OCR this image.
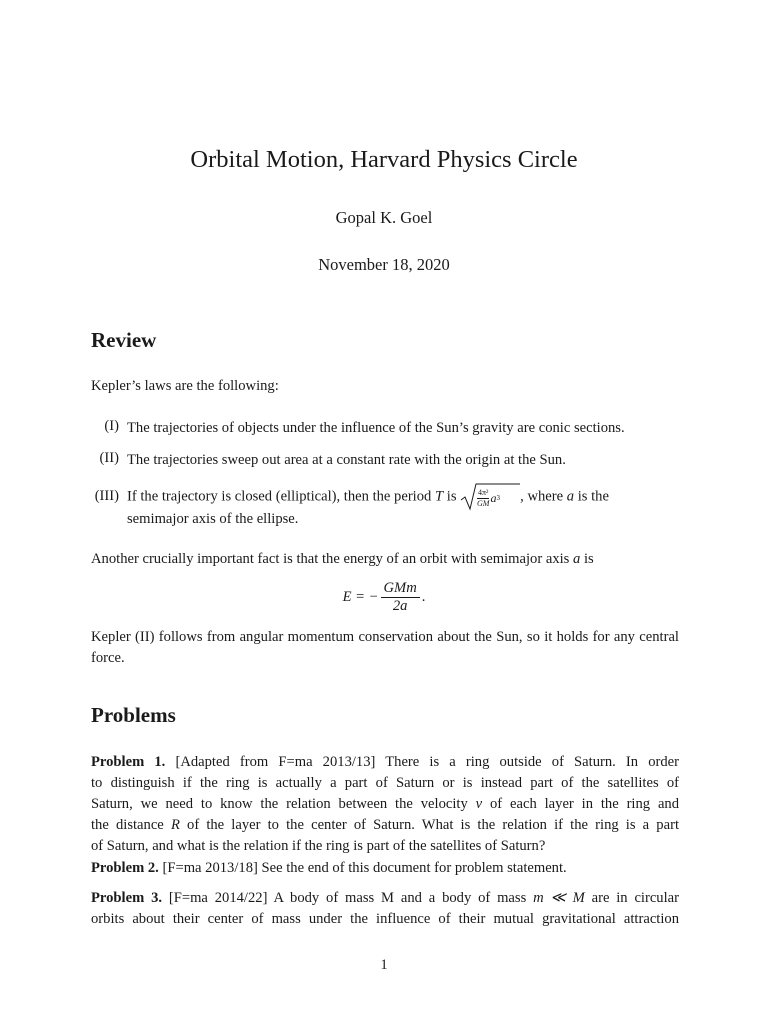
Orbital Motion, Harvard Physics Circle
Gopal K. Goel
November 18, 2020
Review
Kepler’s laws are the following:
(I) The trajectories of objects under the influence of the Sun’s gravity are conic sections.
(II) The trajectories sweep out area at a constant rate with the origin at the Sun.
(III) If the trajectory is closed (elliptical), then the period T is	$\frac{\text{4π²}}{GM}$ a 3 , where a is the
semimajor axis of the ellipse.
Another crucially important fact is that the energy of an orbit with semimajor axis a is
E = − $\frac{\text{GMm}}{2a}$ .
Kepler (II) follows from angular momentum conservation about the Sun, so it holds for any central force.
Problems
Problem 1. [Adapted from F=ma 2013/13] There is a ring outside of Saturn. In order
to distinguish if the ring is actually a part of Saturn or is instead part of the satellites of
Saturn, we need to know the relation between the velocity v of each layer in the ring and
the distance R of the layer to the center of Saturn. What is the relation if the ring is a part
of Saturn, and what is the relation if the ring is part of the satellites of Saturn?
Problem 2. [F=ma 2013/18] See the end of this document for problem statement.
Problem 3. [F=ma 2014/22] A body of mass M and a body of mass m ≪ M are in circular
orbits about their center of mass under the influence of their mutual gravitational attraction
1
